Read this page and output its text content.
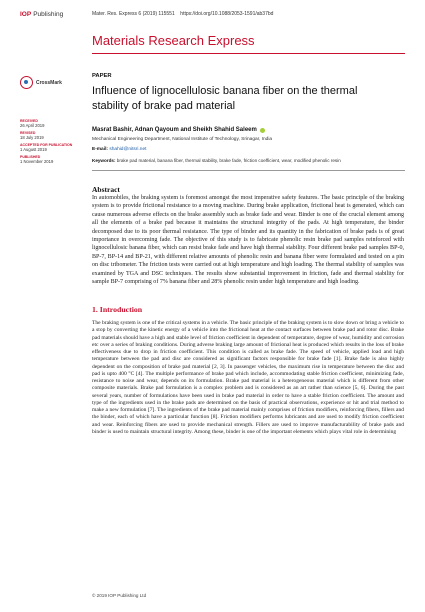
IOP Publishing	Mater. Res. Express 6 (2019) 115551 https://doi.org/10.1088/2053-1591/ab37bd
Materials Research Express
PAPER
CrossMark
Influence of lignocellulosic banana fiber on the thermal stability of brake pad material
RECEIVED
26 April 2019
REVISED
18 July 2019
ACCEPTED FOR PUBLICATION
1 August 2019
PUBLISHED
1 November 2019
Masrat Bashir, Adnan Qayoum and Sheikh Shahid Saleem
Mechanical Engineering Department, National Institute of Technology, Srinagar, India
E-mail: shahid@nitsri.net
Keywords: brake pad material, banana fiber, thermal stability, brake fade, friction coefficient, wear, modified phenolic resin
Abstract

In automobiles, the braking system is foremost amongst the most imperative safety features. The basic principle of the braking system is to provide frictional resistance to a moving machine. During brake application, frictional heat is generated, which can cause numerous adverse effects on the brake assembly such as brake fade and wear. Binder is one of the crucial element among all the elements of a brake pad because it maintains the structural integrity of the pads. At high temperature, the binder decomposed due to its poor thermal resistance. The type of binder and its quantity in the fabrication of brake pads is of great importance in overcoming fade. The objective of this study is to fabricate phenolic resin brake pad samples reinforced with lignocellulosic banana fiber, which can resist brake fade and have high thermal stability. Four different brake pad samples BP-0, BP-7, BP-14 and BP-21, with different relative amounts of phenolic resin and banana fiber were formulated and tested on a pin on disc tribometer. The friction tests were carried out at high temperature and high loading. The thermal stability of samples was examined by TGA and DSC techniques. The results show substantial improvement in friction, fade and thermal stability for sample BP-7 comprising of 7% banana fiber and 28% phenolic resin under high temperature and high loading.

1. Introduction

The braking system is one of the critical systems in a vehicle. The basic principle of the braking system is to slow down or bring a vehicle to a stop by converting the kinetic energy of a vehicle into the frictional heat at the contact surfaces between brake pad and rotor disc. Brake pad materials should have a high and stable level of friction coefficient in dependent of temperature, degree of wear, humidity and corrosion etc over a series of braking conditions. During adverse braking large amount of frictional heat is produced which results in the loss of brake effectiveness due to drop in friction coefficient. This condition is called as brake fade. The speed of vehicle, applied load and high temperature between the pad and disc are considered as significant factors responsible for brake fade [1]. Brake fade is also highly dependent on the composition of brake pad material [2, 3]. In passenger vehicles, the maximum rise in temperature between the disc and pad is upto 400 °C [4]. The multiple performance of brake pad which include, accommodating stable friction coefficient, minimizing fade, resistance to noise and wear, depends on its formulation. Brake pad material is a heterogeneous material which is different from other composite materials. Brake pad formulation is a complex problem and is considered as an art rather than science [5, 6]. During the past several years, number of formulations have been used in brake pad material in order to have a stable friction coefficient. The amount and type of the ingredients used in the brake pads are determined on the basis of practical observations, experience or hit and trial method to make a new formulation [7]. The ingredients of the brake pad material mainly comprises of friction modifiers, reinforcing fibers, fillers and the binder, each of which have a particular function [8]. Friction modifiers performs lubricants and are used to modify friction coefficient and wear. Reinforcing fibers are used to provide mechanical strength. Fillers are used to improve manufacturability of brake pads and binder is used to maintain structural integrity. Among these, binder is one of the important elements which plays vital role in determining

© 2019 IOP Publishing Ltd
